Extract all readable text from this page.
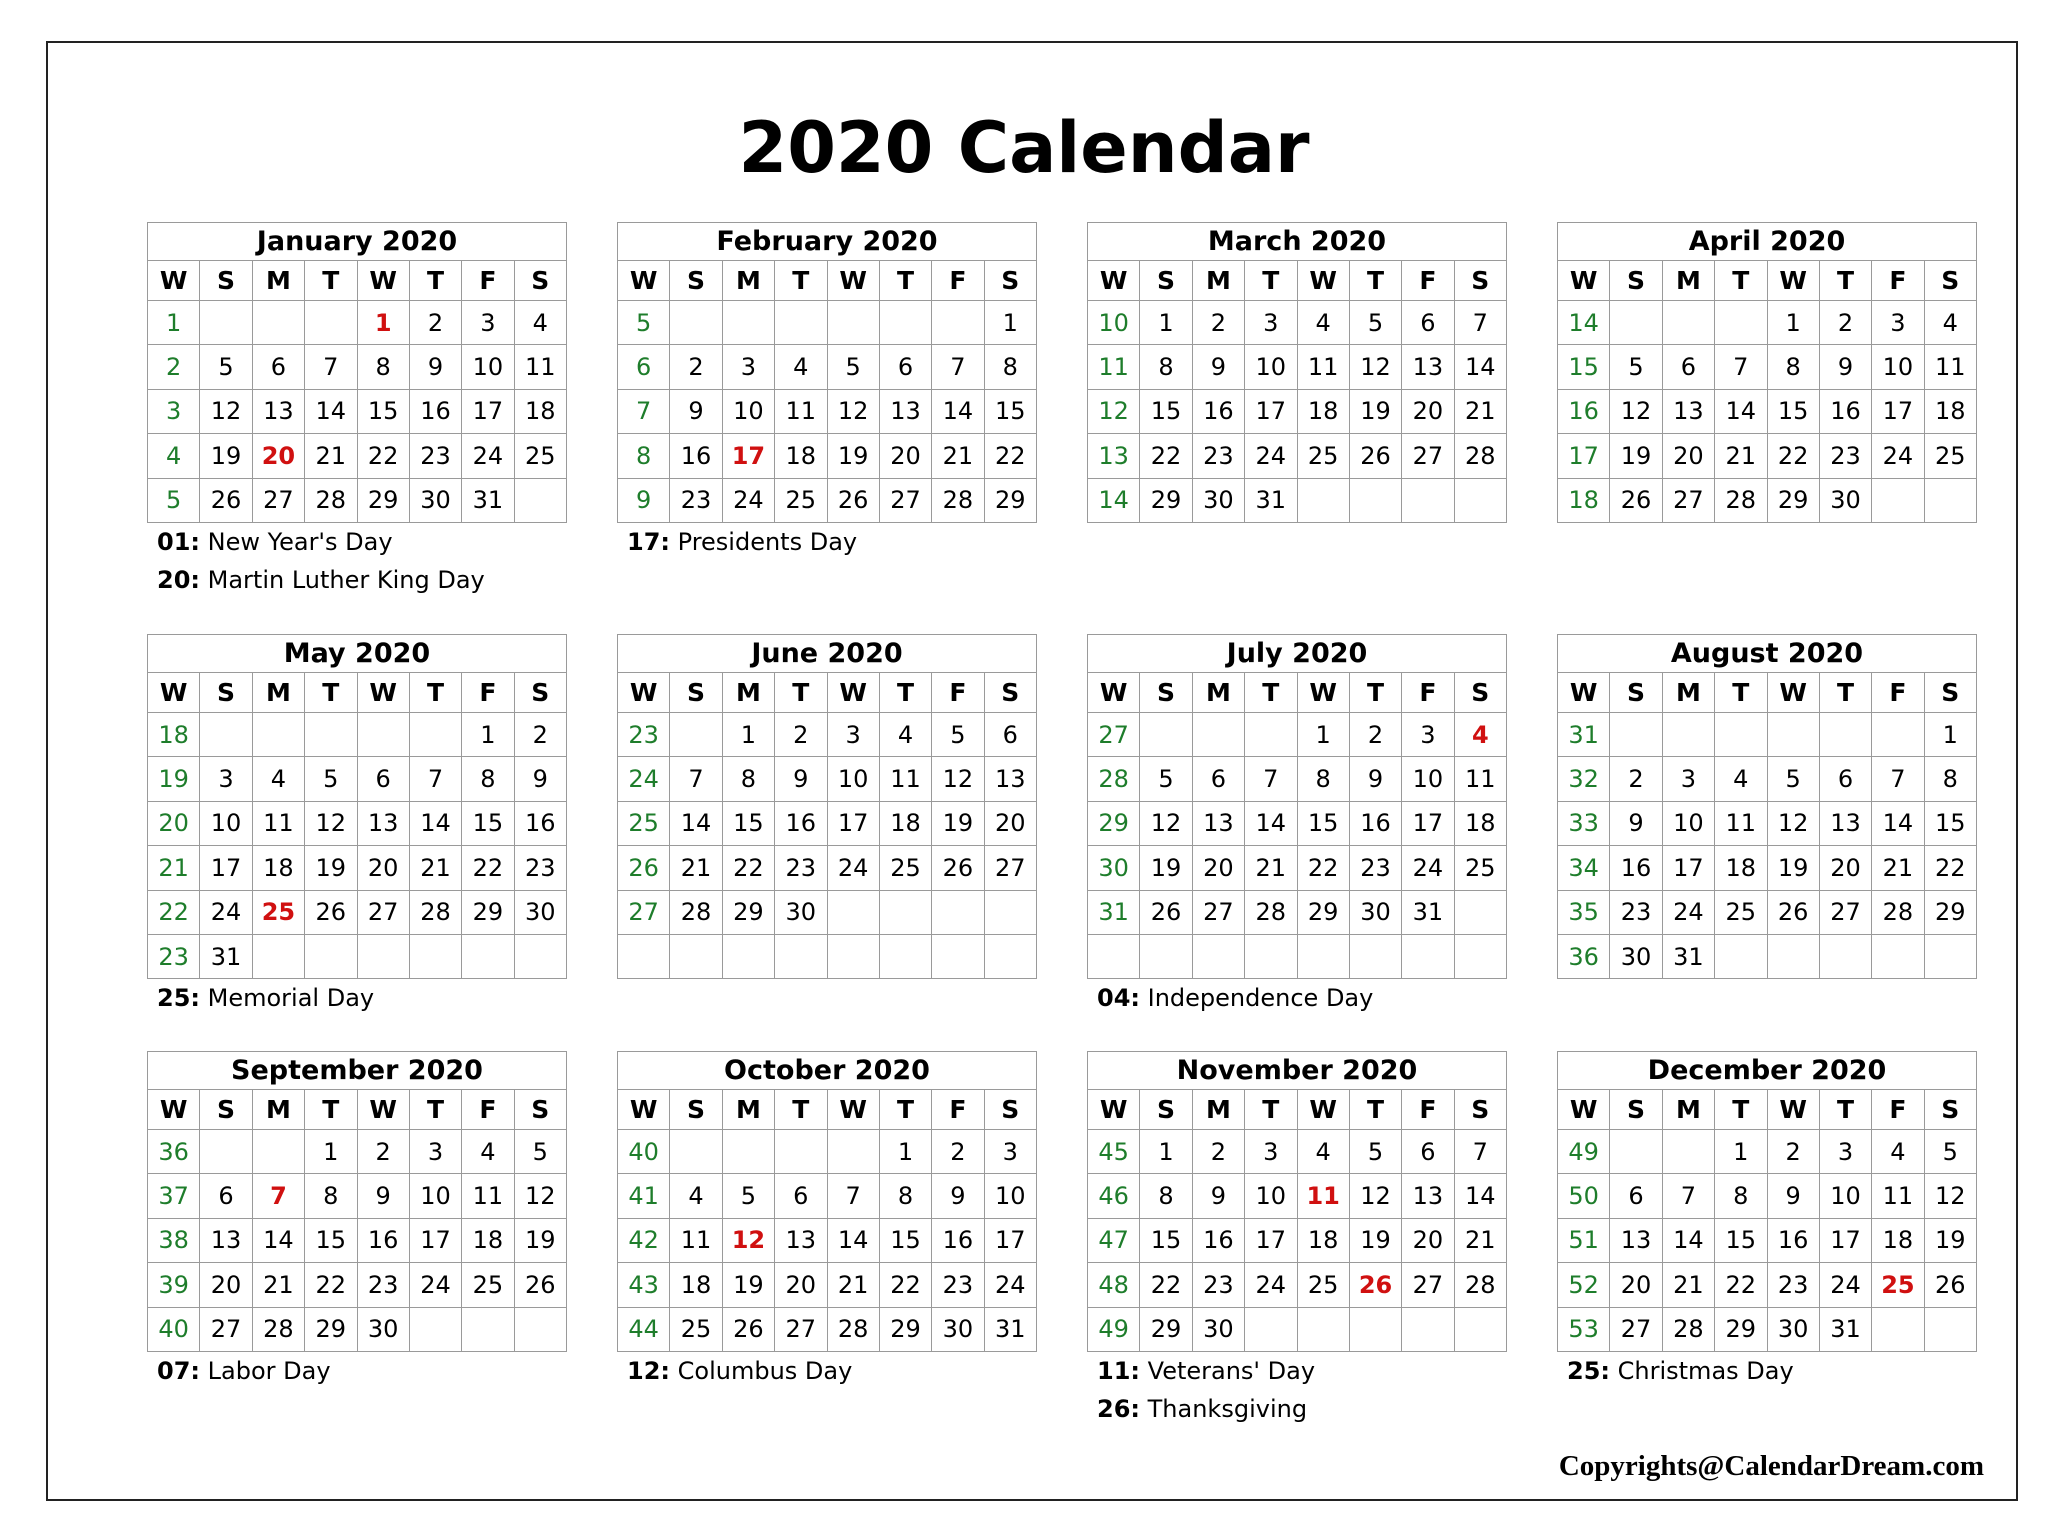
2020 Calendar
January 2020							
W	S	M	T	W	T	F	S
1				1	2	3	4
2	5	6	7	8	9	10	11
3	12	13	14	15	16	17	18
4	19	20	21	22	23	24	25
5	26	27	28	29	30	31	
01: New Year's Day
20: Martin Luther King Day
February 2020							
W	S	M	T	W	T	F	S
5							1
6	2	3	4	5	6	7	8
7	9	10	11	12	13	14	15
8	16	17	18	19	20	21	22
9	23	24	25	26	27	28	29
17: Presidents Day
March 2020							
W	S	M	T	W	T	F	S
10	1	2	3	4	5	6	7
11	8	9	10	11	12	13	14
12	15	16	17	18	19	20	21
13	22	23	24	25	26	27	28
14	29	30	31				
April 2020							
W	S	M	T	W	T	F	S
14				1	2	3	4
15	5	6	7	8	9	10	11
16	12	13	14	15	16	17	18
17	19	20	21	22	23	24	25
18	26	27	28	29	30		
May 2020							
W	S	M	T	W	T	F	S
18						1	2
19	3	4	5	6	7	8	9
20	10	11	12	13	14	15	16
21	17	18	19	20	21	22	23
22	24	25	26	27	28	29	30
23	31						
25: Memorial Day
June 2020							
W	S	M	T	W	T	F	S
23		1	2	3	4	5	6
24	7	8	9	10	11	12	13
25	14	15	16	17	18	19	20
26	21	22	23	24	25	26	27
27	28	29	30				

July 2020							
W	S	M	T	W	T	F	S
27				1	2	3	4
28	5	6	7	8	9	10	11
29	12	13	14	15	16	17	18
30	19	20	21	22	23	24	25
31	26	27	28	29	30	31	

04: Independence Day
August 2020							
W	S	M	T	W	T	F	S
31							1
32	2	3	4	5	6	7	8
33	9	10	11	12	13	14	15
34	16	17	18	19	20	21	22
35	23	24	25	26	27	28	29
36	30	31					
September 2020							
W	S	M	T	W	T	F	S
36			1	2	3	4	5
37	6	7	8	9	10	11	12
38	13	14	15	16	17	18	19
39	20	21	22	23	24	25	26
40	27	28	29	30			
07: Labor Day
October 2020							
W	S	M	T	W	T	F	S
40					1	2	3
41	4	5	6	7	8	9	10
42	11	12	13	14	15	16	17
43	18	19	20	21	22	23	24
44	25	26	27	28	29	30	31
12: Columbus Day
November 2020							
W	S	M	T	W	T	F	S
45	1	2	3	4	5	6	7
46	8	9	10	11	12	13	14
47	15	16	17	18	19	20	21
48	22	23	24	25	26	27	28
49	29	30					
11: Veterans' Day
26: Thanksgiving
December 2020							
W	S	M	T	W	T	F	S
49			1	2	3	4	5
50	6	7	8	9	10	11	12
51	13	14	15	16	17	18	19
52	20	21	22	23	24	25	26
53	27	28	29	30	31		
25: Christmas Day

Copyrights@CalendarDream.com
